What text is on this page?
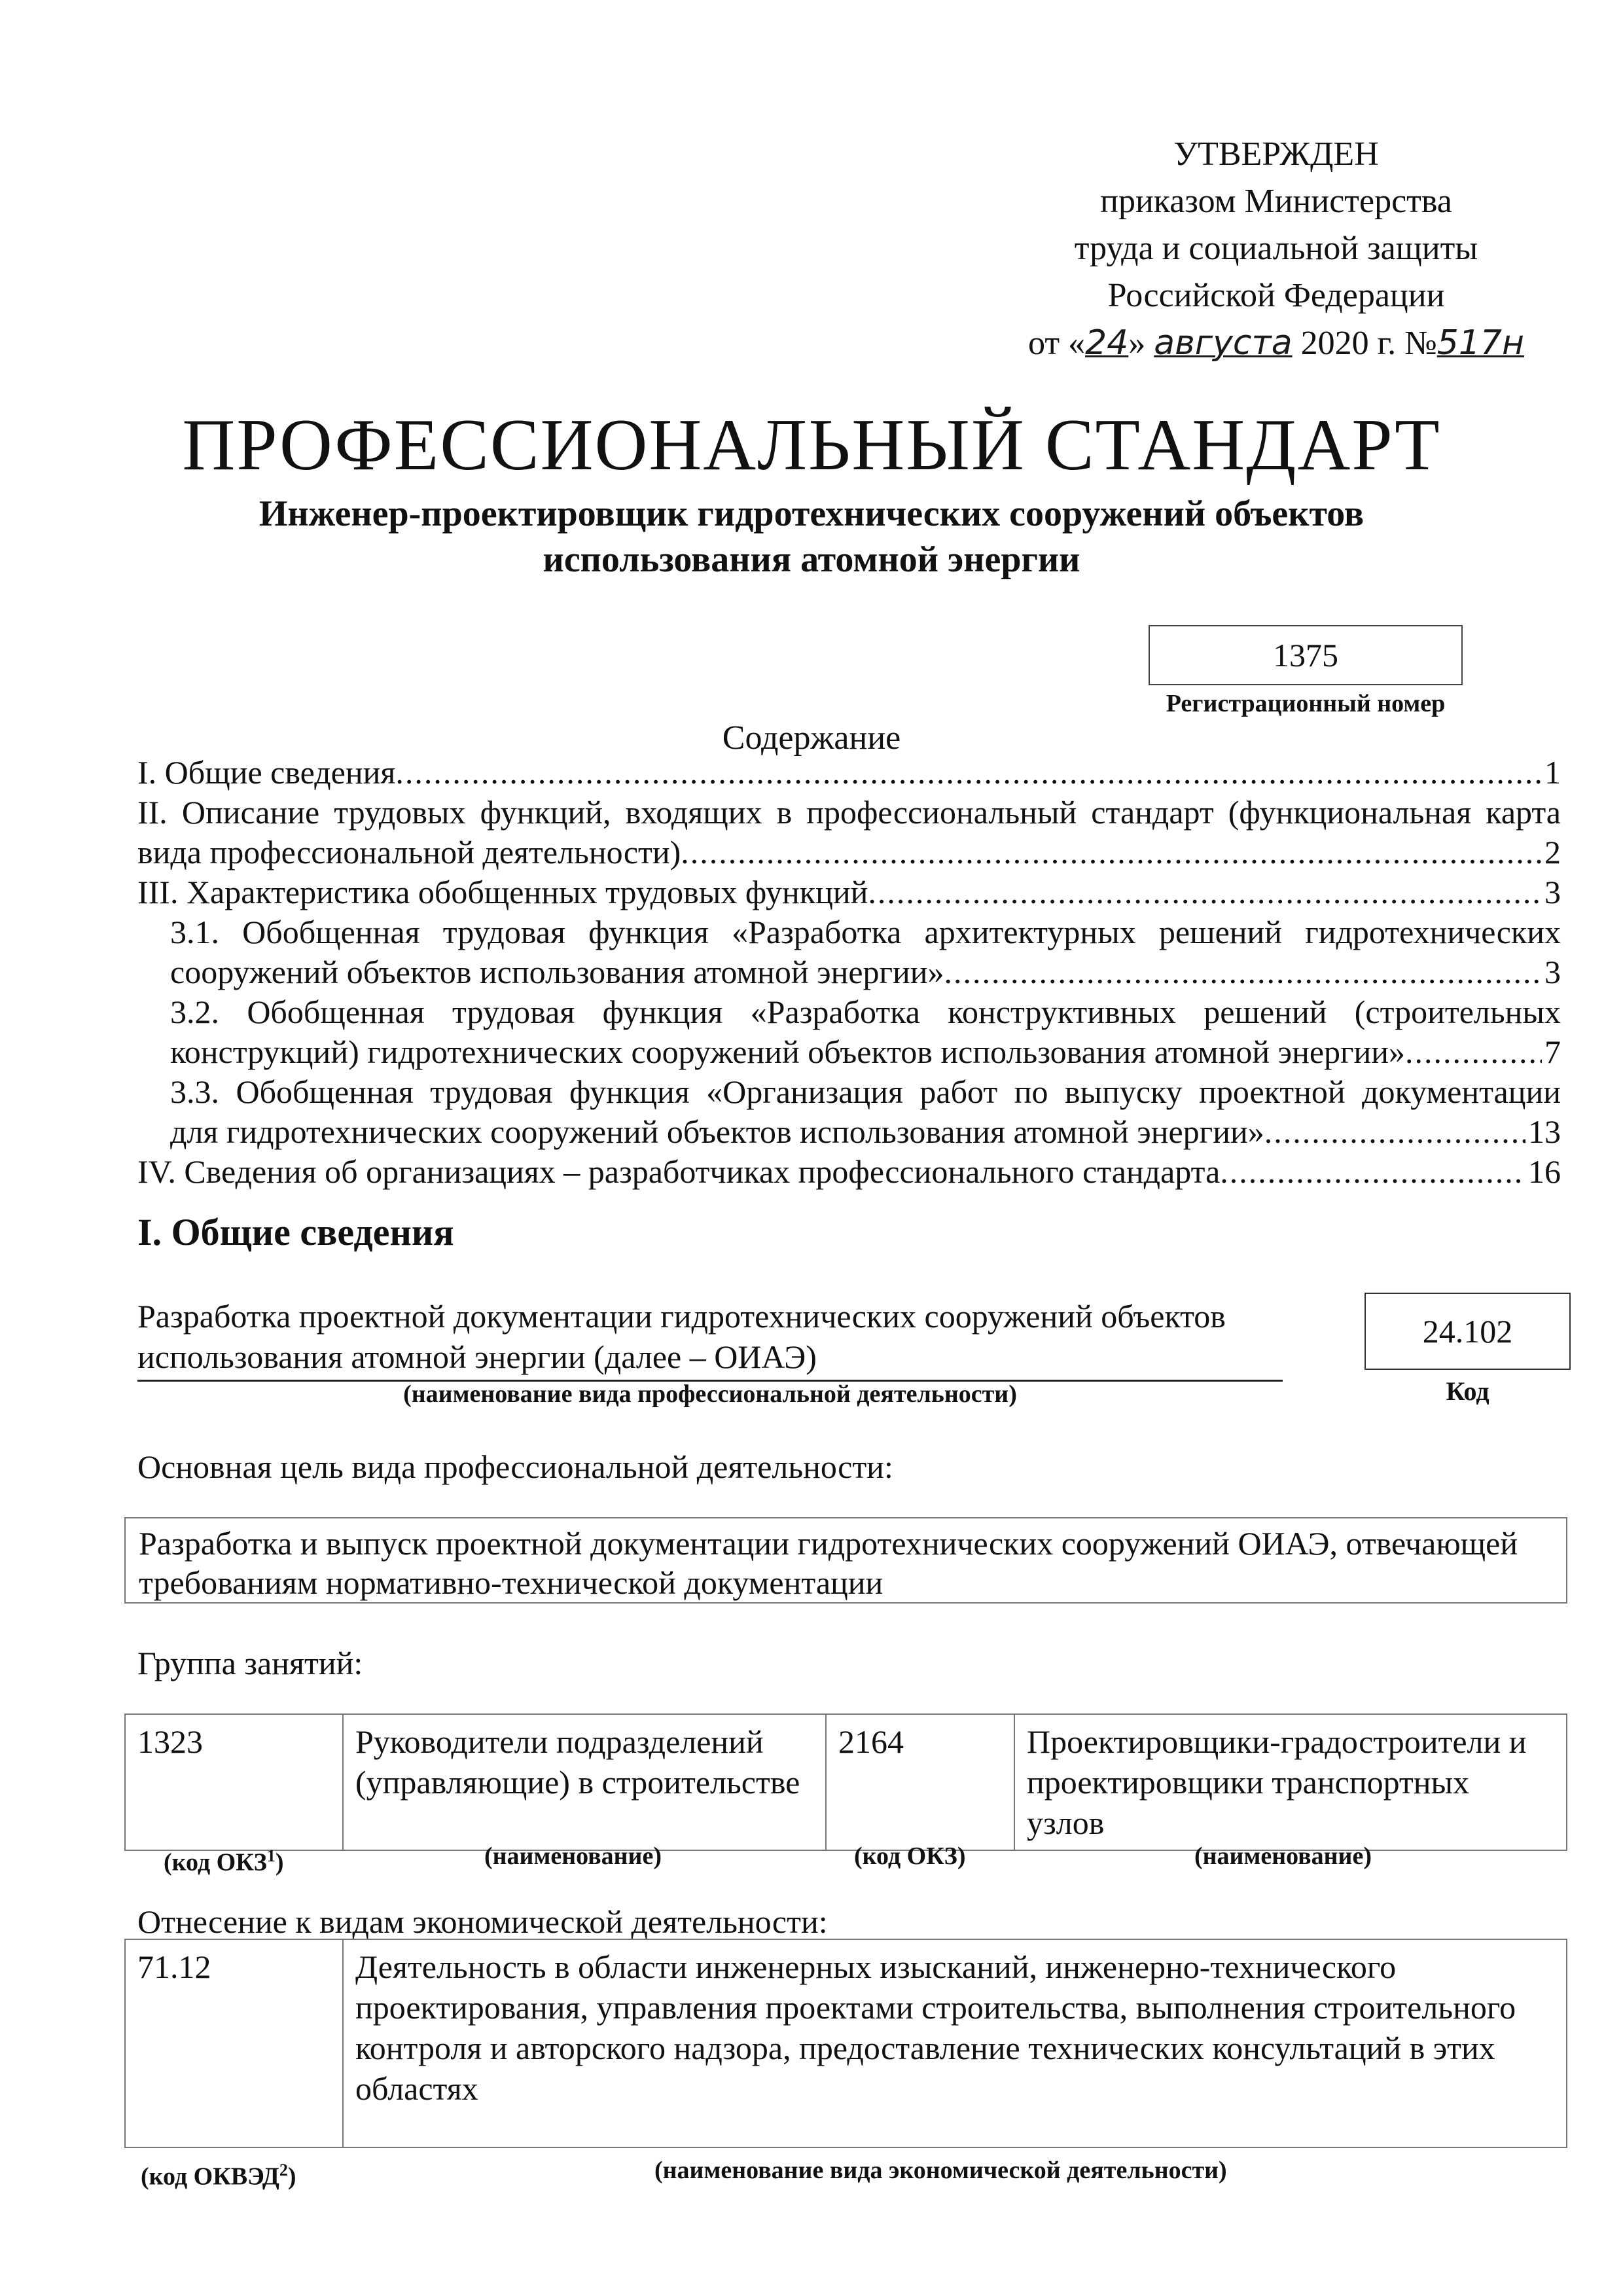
УТВЕРЖДЕН
приказом Министерства
труда и социальной защиты
Российской Федерации
от «24» августа 2020 г. №517н
ПРОФЕССИОНАЛЬНЫЙ СТАНДАРТ
Инженер-проектировщик гидротехнических сооружений объектов
использования атомной энергии
1375
Регистрационный номер
Содержание
I. Общие сведения .....	1
II. Описание трудовых функций, входящих в профессиональный стандарт (функциональная карта
вида профессиональной деятельности) .....	2
III. Характеристика обобщенных трудовых функций .....	3
3.1. Обобщенная трудовая функция «Разработка архитектурных решений гидротехнических
сооружений объектов использования атомной энергии» .....	3
3.2. Обобщенная трудовая функция «Разработка конструктивных решений (строительных
конструкций) гидротехнических сооружений объектов использования атомной энергии» .....	7
3.3. Обобщенная трудовая функция «Организация работ по выпуску проектной документации
для гидротехнических сооружений объектов использования атомной энергии» .....	13
IV. Сведения об организациях – разработчиках профессионального стандарта .....	16
I. Общие сведения
Разработка проектной документации гидротехнических сооружений объектов
использования атомной энергии (далее – ОИАЭ)
(наименование вида профессиональной деятельности)
24.102
Код
Основная цель вида профессиональной деятельности:
Разработка и выпуск проектной документации гидротехнических сооружений ОИАЭ, отвечающей требованиям нормативно-технической документации
Группа занятий:
1323	Руководители подразделений (управляющие) в строительстве	2164	Проектировщики-градостроители и проектировщики транспортных узлов
(код ОКЗ$^1$)	(наименование)	(код ОКЗ)	(наименование)
Отнесение к видам экономической деятельности:
71.12	Деятельность в области инженерных изысканий, инженерно-технического проектирования, управления проектами строительства, выполнения строительного контроля и авторского надзора, предоставление технических консультаций в этих областях
(код ОКВЭД$^2$)	(наименование вида экономической деятельности)
